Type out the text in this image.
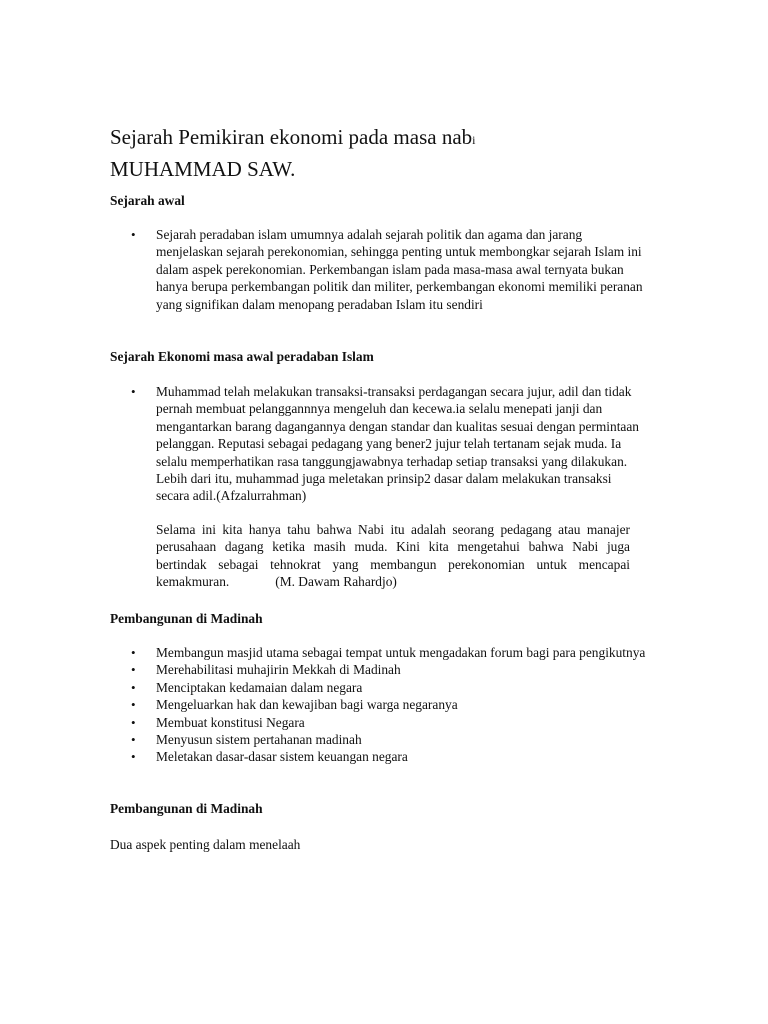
Sejarah Pemikiran ekonomi pada masa nabi
MUHAMMAD SAW.
Sejarah awal
• Sejarah peradaban islam umumnya adalah sejarah politik dan agama dan jarang menjelaskan sejarah perekonomian, sehingga penting untuk membongkar sejarah Islam ini dalam aspek perekonomian. Perkembangan islam pada masa-masa awal ternyata bukan hanya berupa perkembangan politik dan militer, perkembangan ekonomi memiliki peranan yang signifikan dalam menopang peradaban Islam itu sendiri
Sejarah Ekonomi masa awal peradaban Islam
• Muhammad telah melakukan transaksi-transaksi perdagangan secara jujur, adil dan tidak pernah membuat pelanggannnya mengeluh dan kecewa.ia selalu menepati janji dan mengantarkan barang dagangannya dengan standar dan kualitas sesuai dengan permintaan pelanggan. Reputasi sebagai pedagang yang bener2 jujur telah tertanam sejak muda. Ia selalu memperhatikan rasa tanggungjawabnya terhadap setiap transaksi yang dilakukan. Lebih dari itu, muhammad juga meletakan prinsip2 dasar dalam melakukan transaksi secara adil.(Afzalurrahman)

Selama ini kita hanya tahu bahwa Nabi itu adalah seorang pedagang atau manajer perusahaan dagang ketika masih muda. Kini kita mengetahui bahwa Nabi juga bertindak sebagai tehnokrat yang membangun perekonomian untuk mencapai kemakmuran.	(M. Dawam Rahardjo)

Pembangunan di Madinah
• Membangun masjid utama sebagai tempat untuk mengadakan forum bagi para pengikutnya
• Merehabilitasi muhajirin Mekkah di Madinah
• Menciptakan kedamaian dalam negara
• Mengeluarkan hak dan kewajiban bagi warga negaranya
• Membuat konstitusi Negara
• Menyusun sistem pertahanan madinah
• Meletakan dasar-dasar sistem keuangan negara
Pembangunan di Madinah

Dua aspek penting dalam menelaah
